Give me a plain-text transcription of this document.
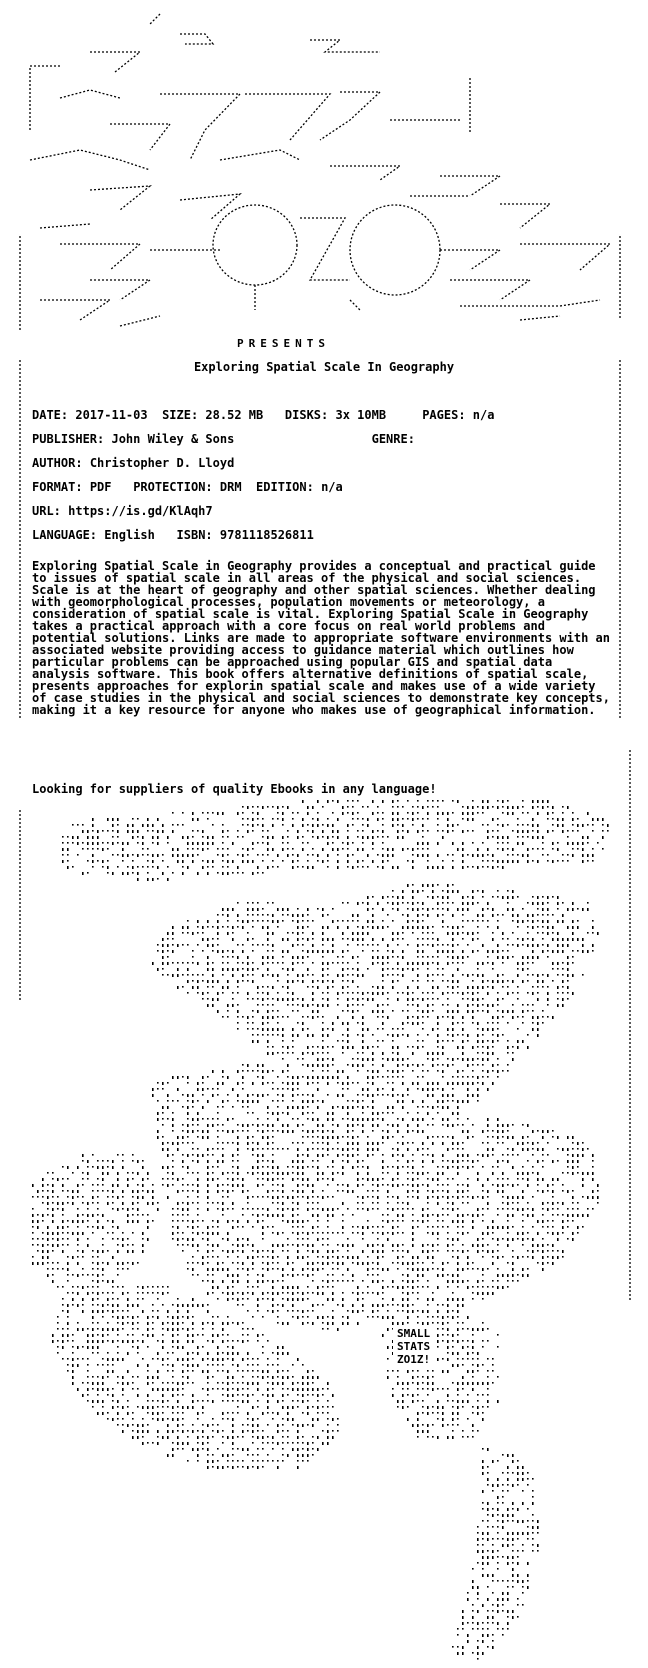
PRESENTS
Exploring Spatial Scale In Geography
DATE: 2017-11-03 SIZE: 28.52 MB DISKS: 3x 10MB	PAGES: n/a
PUBLISHER: John Wiley & Sons	GENRE:
AUTHOR: Christopher D. Lloyd
FORMAT: PDF PROTECTION: DRM EDITION: n/a
URL: https://is.gd/KlAqh7
LANGUAGE: English ISBN: 9781118526811
Exploring Spatial Scale in Geography provides a conceptual and practical guide to issues of spatial scale in all areas of the physical and social sciences. Scale is at the heart of geography and other spatial sciences. Whether dealing with geomorphological processes, population movements or meteorology, a consideration of spatial scale is vital. Exploring Spatial Scale in Geography takes a practical approach with a core focus on real world problems and potential solutions. Links are made to appropriate software environments with an associated website providing access to guidance material which outlines how particular problems can be approached using popular GIS and spatial data analysis software. This book offers alternative definitions of spatial scale, presents approaches for explorin spatial scale and makes use of a wide variety of case studies in the physical and social sciences to demonstrate key concepts, making it a key resource for anyone who makes use of geographical information.
Looking for suppliers of quality Ebooks in any language!
SMALL
STATS
ZO1Z!
